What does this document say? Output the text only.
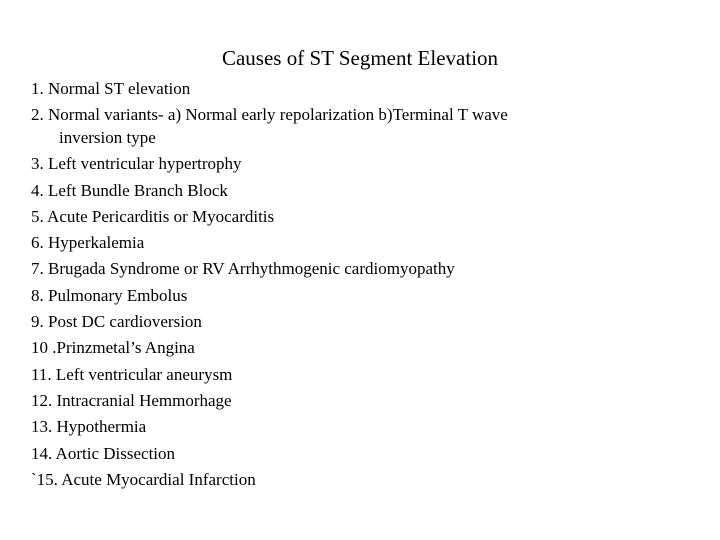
Causes of ST Segment Elevation
1. Normal ST elevation
2. Normal variants- a) Normal early repolarization b)Terminal T wave
inversion type
3. Left ventricular hypertrophy
4. Left Bundle Branch Block
5. Acute Pericarditis or Myocarditis
6. Hyperkalemia
7. Brugada Syndrome or RV Arrhythmogenic cardiomyopathy
8. Pulmonary Embolus
9. Post DC cardioversion
10 .Prinzmetal’s Angina
11. Left ventricular aneurysm
12. Intracranial Hemmorhage
13. Hypothermia
14. Aortic Dissection
`15. Acute Myocardial Infarction
